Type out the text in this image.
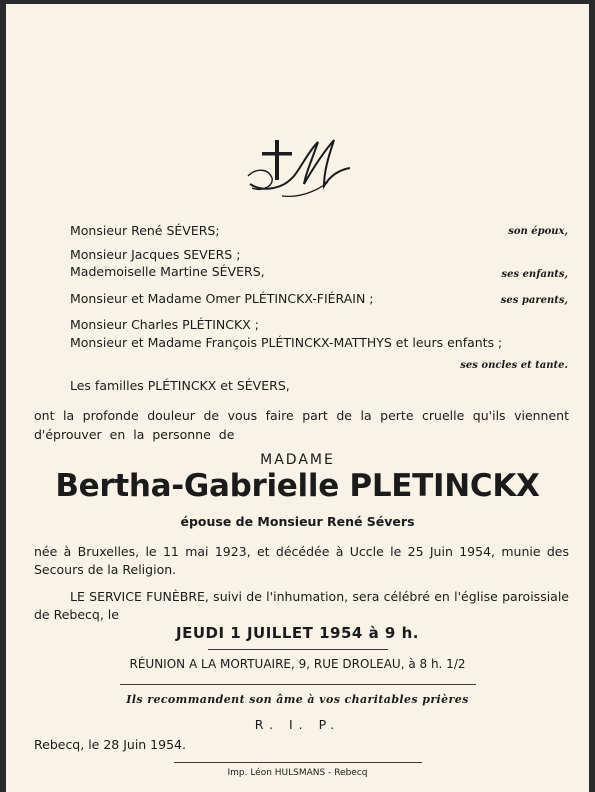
Monsieur René SÉVERS;	son époux,
Monsieur Jacques SEVERS ;
Mademoiselle Martine SÉVERS,	ses enfants,
Monsieur et Madame Omer PLÉTINCKX-FIÉRAIN ;	ses parents,
Monsieur Charles PLÉTINCKX ;
Monsieur et Madame François PLÉTINCKX-MATTHYS et leurs enfants ;
ses oncles et tante.
Les familles PLÉTINCKX et SÉVERS,
ont la profonde douleur de vous faire part de la perte cruelle qu'ils viennent
d'éprouver en la personne de
MADAME
Bertha-Gabrielle PLETINCKX
épouse de Monsieur René Sévers
née à Bruxelles, le 11 mai 1923, et décédée à Uccle le 25 Juin 1954, munie des
Secours de la Religion.
LE SERVICE FUNÈBRE, suivi de l'inhumation, sera célébré en l'église paroissiale
de Rebecq, le
JEUDI 1 JUILLET 1954 à 9 h.
RÉUNION A LA MORTUAIRE, 9, RUE DROLEAU, à 8 h. 1/2
Ils recommandent son âme à vos charitables prières
R. I. P.
Rebecq, le 28 Juin 1954.
Imp. Léon HULSMANS - Rebecq
